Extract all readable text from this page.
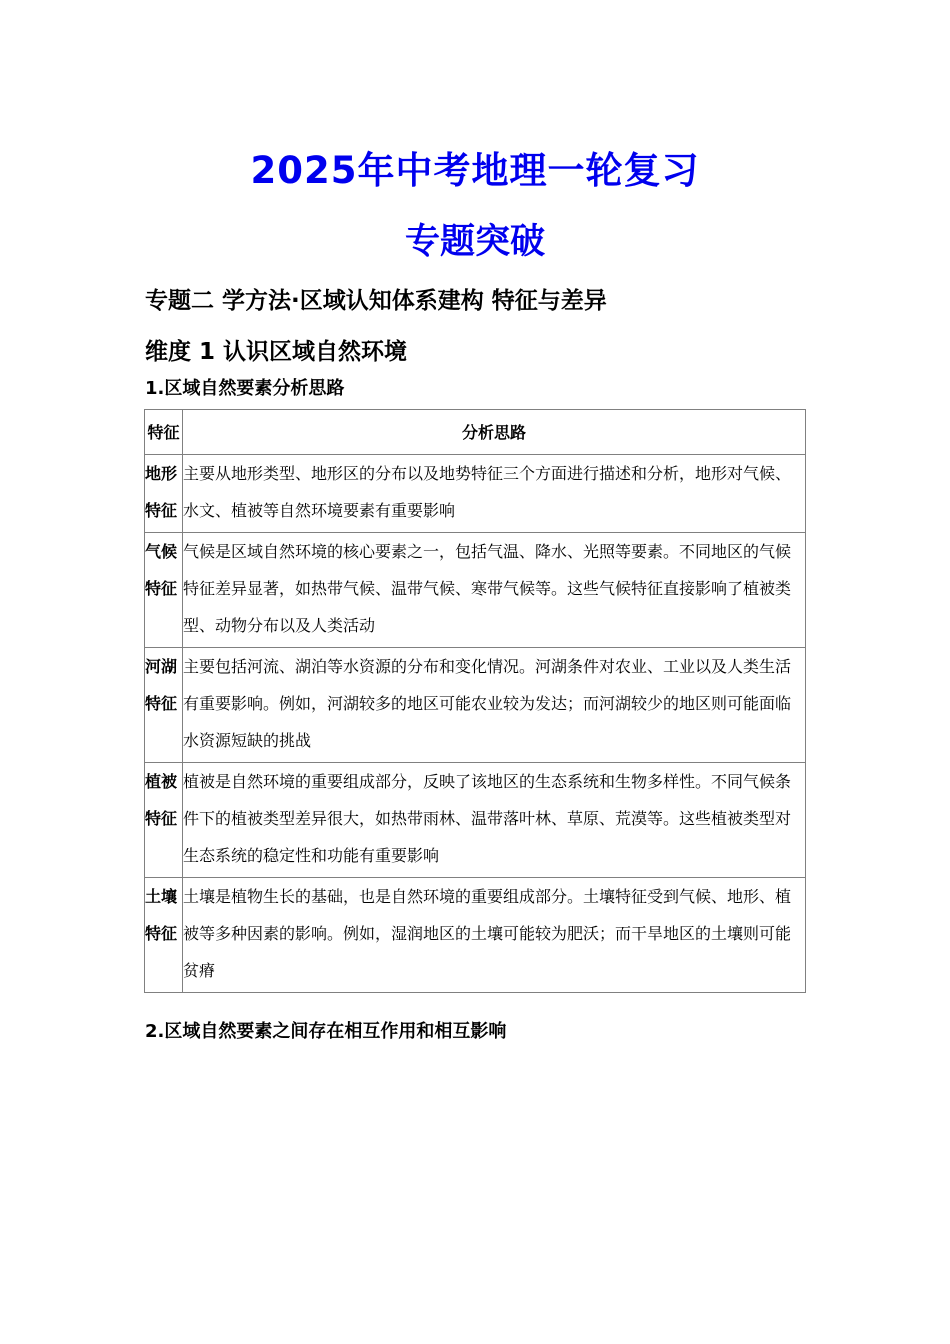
2025年中考地理一轮复习
专题突破
专题二 学方法·区域认知体系建构 特征与差异
维度 1 认识区域自然环境
1.区域自然要素分析思路
特征	分析思路
地形特征	主要从地形类型、地形区的分布以及地势特征三个方面进行描述和分析，地形对气候、水文、植被等自然环境要素有重要影响
气候特征	气候是区域自然环境的核心要素之一，包括气温、降水、光照等要素。不同地区的气候特征差异显著，如热带气候、温带气候、寒带气候等。这些气候特征直接影响了植被类型、动物分布以及人类活动
河湖特征	主要包括河流、湖泊等水资源的分布和变化情况。河湖条件对农业、工业以及人类生活有重要影响。例如，河湖较多的地区可能农业较为发达；而河湖较少的地区则可能面临水资源短缺的挑战
植被特征	植被是自然环境的重要组成部分，反映了该地区的生态系统和生物多样性。不同气候条件下的植被类型差异很大，如热带雨林、温带落叶林、草原、荒漠等。这些植被类型对生态系统的稳定性和功能有重要影响
土壤特征	土壤是植物生长的基础，也是自然环境的重要组成部分。土壤特征受到气候、地形、植被等多种因素的影响。例如，湿润地区的土壤可能较为肥沃；而干旱地区的土壤则可能贫瘠
2.区域自然要素之间存在相互作用和相互影响
